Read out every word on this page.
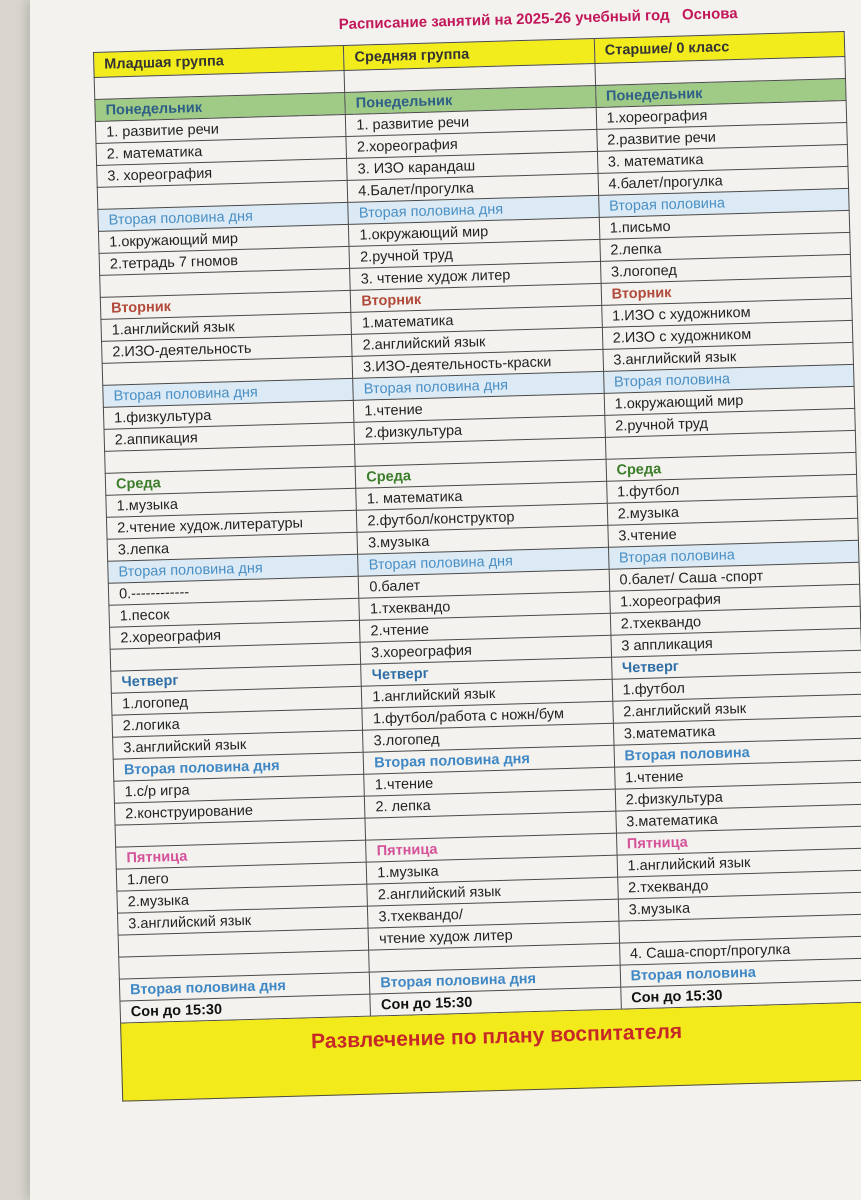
Расписание занятий на 2025-26 учебный год   Основа
Младшая группа	Средняя группа	Старшие/ 0 класс

Понедельник	Понедельник	Понедельник
1. развитие речи	1. развитие речи	1.хореография
2. математика	2.хореография	2.развитие речи
3. хореография	3. ИЗО карандаш	3. математика
	4.Балет/прогулка	4.балет/прогулка
Вторая половина дня	Вторая половина дня	Вторая половина
1.окружающий мир	1.окружающий мир	1.письмо
2.тетрадь 7 гномов	2.ручной труд	2.лепка
	3. чтение худож литер	3.логопед
Вторник	Вторник	Вторник
1.английский язык	1.математика	1.ИЗО с художником
2.ИЗО-деятельность	2.английский язык	2.ИЗО с художником
	3.ИЗО-деятельность-краски	3.английский язык
Вторая половина дня	Вторая половина дня	Вторая половина
1.физкультура	1.чтение	1.окружающий мир
2.аппикация	2.физкультура	2.ручной труд

Среда	Среда	Среда
1.музыка	1. математика	1.футбол
2.чтение худож.литературы	2.футбол/конструктор	2.музыка
3.лепка	3.музыка	3.чтение
Вторая половина дня	Вторая половина дня	Вторая половина
0.------------	0.балет	0.балет/ Саша -спорт
1.песок	1.тхеквандо	1.хореография
2.хореография	2.чтение	2.тхеквандо
	3.хореография	3 аппликация
Четверг	Четверг	Четверг
1.логопед	1.английский язык	1.футбол
2.логика	1.футбол/работа с ножн/бум	2.английский язык
3.английский язык	3.логопед	3.математика
Вторая половина дня	Вторая половина дня	Вторая половина
1.с/р игра	1.чтение	1.чтение
2.конструирование	2. лепка	2.физкультура
		3.математика
Пятница	Пятница	Пятница
1.лего	1.музыка	1.английский язык
2.музыка	2.английский язык	2.тхеквандо
3.английский язык	3.тхеквандо/	3.музыка
	чтение худож литер	
		4. Саша-спорт/прогулка
Вторая половина дня	Вторая половина дня	Вторая половина
Сон до 15:30	Сон до 15:30	Сон до 15:30
Развлечение по плану воспитателя
